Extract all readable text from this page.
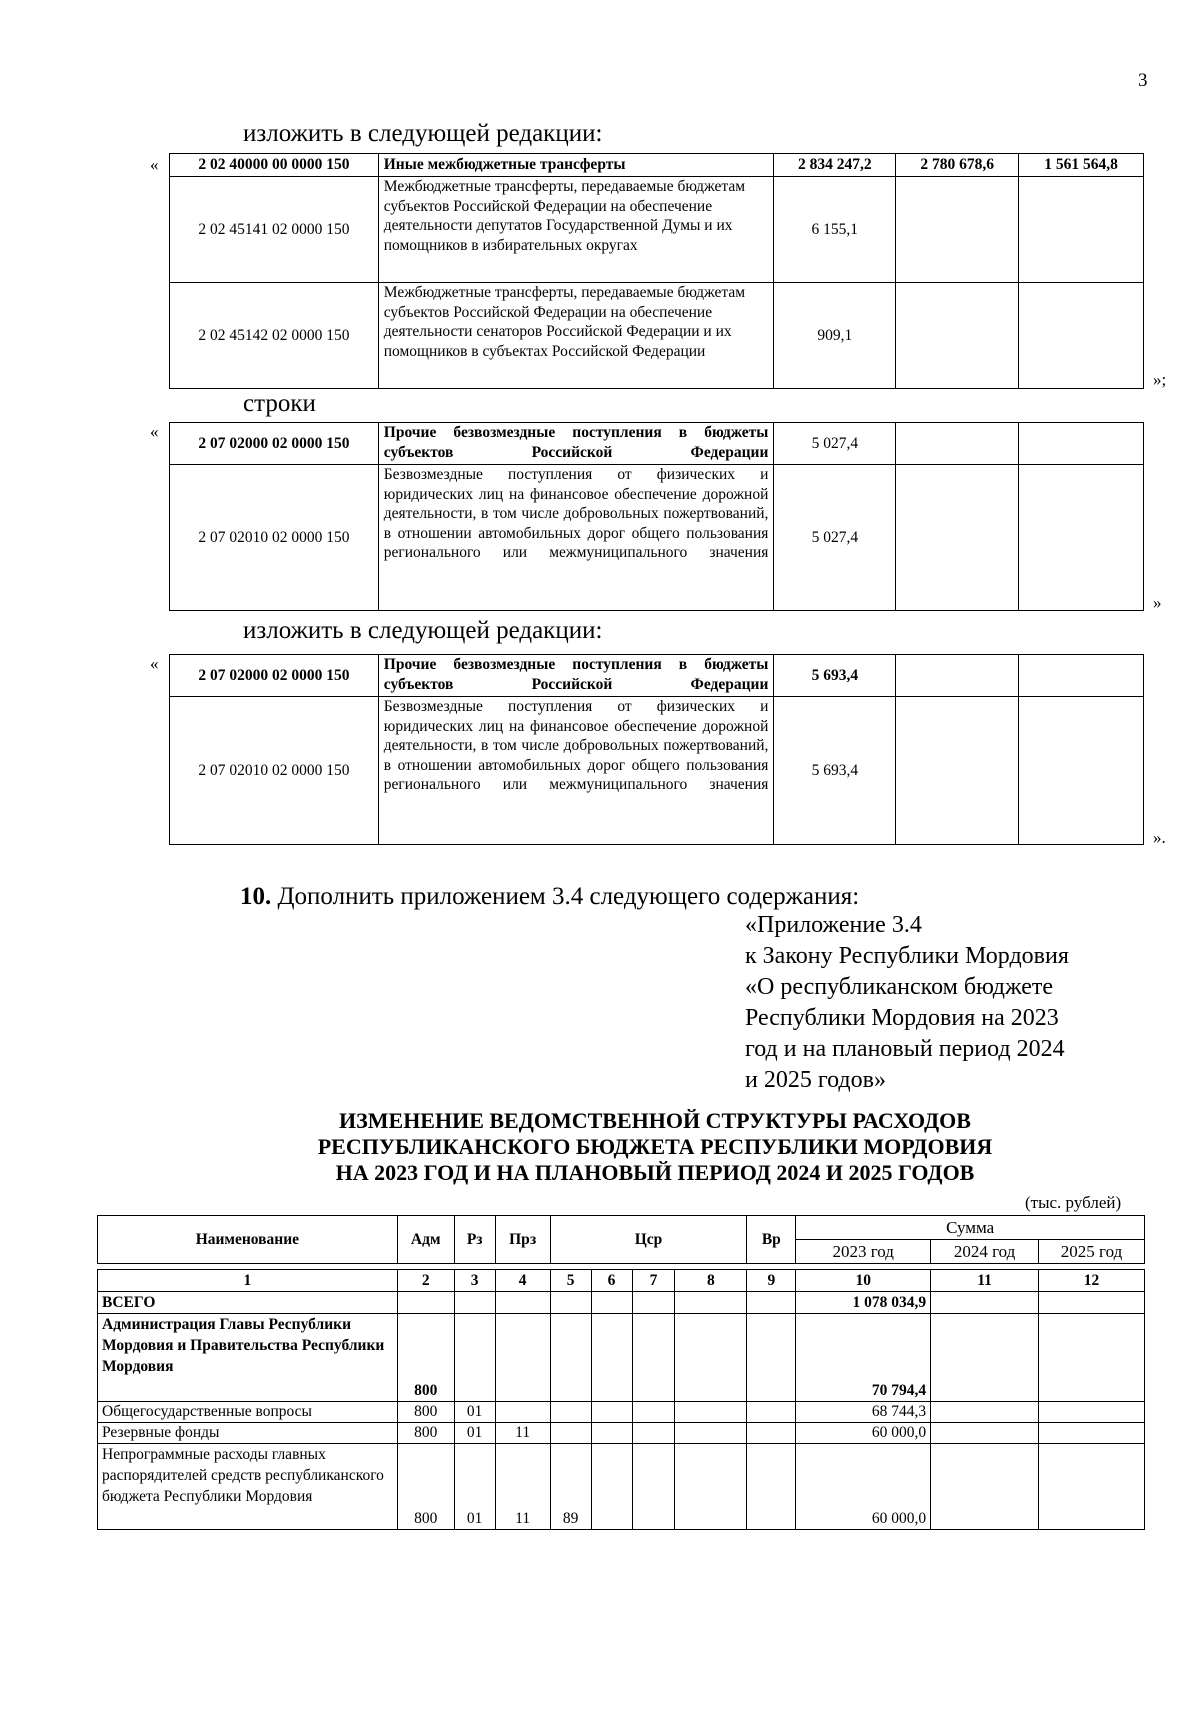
3
изложить в следующей редакции:
«	2 02 40000 00 0000 150	Иные межбюджетные трансферты	2 834 247,2	2 780 678,6	1 561 564,8
2 02 45141 02 0000 150	Межбюджетные трансферты, передаваемые бюджетам субъектов Российской Федерации на обеспечение деятельности депутатов Государственной Думы и их помощников в избирательных округах	6 155,1		
2 02 45142 02 0000 150	Межбюджетные трансферты, передаваемые бюджетам субъектов Российской Федерации на обеспечение деятельности сенаторов Российской Федерации и их помощников в субъектах Российской Федерации	909,1		
»;
строки
«
2 07 02000 02 0000 150	Прочие безвозмездные поступления в бюджеты субъектов Российской Федерации	5 027,4		
2 07 02010 02 0000 150	Безвозмездные поступления от физических и юридических лиц на финансовое обеспечение дорожной деятельности, в том числе добровольных пожертвований, в отношении автомобильных дорог общего пользования регионального или межмуниципального значения	5 027,4		
»
изложить в следующей редакции:
«
2 07 02000 02 0000 150	Прочие безвозмездные поступления в бюджеты субъектов Российской Федерации	5 693,4		
2 07 02010 02 0000 150	Безвозмездные поступления от физических и юридических лиц на финансовое обеспечение дорожной деятельности, в том числе добровольных пожертвований, в отношении автомобильных дорог общего пользования регионального или межмуниципального значения	5 693,4		
».
10. Дополнить приложением 3.4 следующего содержания:
«Приложение 3.4
к Закону Республики Мордовия
«О республиканском бюджете
Республики Мордовия на 2023
год и на плановый период 2024
и 2025 годов»
ИЗМЕНЕНИЕ ВЕДОМСТВЕННОЙ СТРУКТУРЫ РАСХОДОВ
РЕСПУБЛИКАНСКОГО БЮДЖЕТА РЕСПУБЛИКИ МОРДОВИЯ
НА 2023 ГОД И НА ПЛАНОВЫЙ ПЕРИОД 2024 И 2025 ГОДОВ
(тыс. рублей)
Наименование	Адм	Рз	Прз	Цср				Вр	Сумма		
									2023 год	2024 год	2025 год

1	2	3	4	5	6	7	8	9	10	11	12
ВСЕГО									1 078 034,9		
Администрация Главы Республики Мордовия и Правительства Республики Мордовия	800								70 794,4		
Общегосударственные вопросы	800	01							68 744,3		
Резервные фонды	800	01	11						60 000,0		
Непрограммные расходы главных распорядителей средств республиканского бюджета Республики Мордовия	800	01	11	89					60 000,0		
